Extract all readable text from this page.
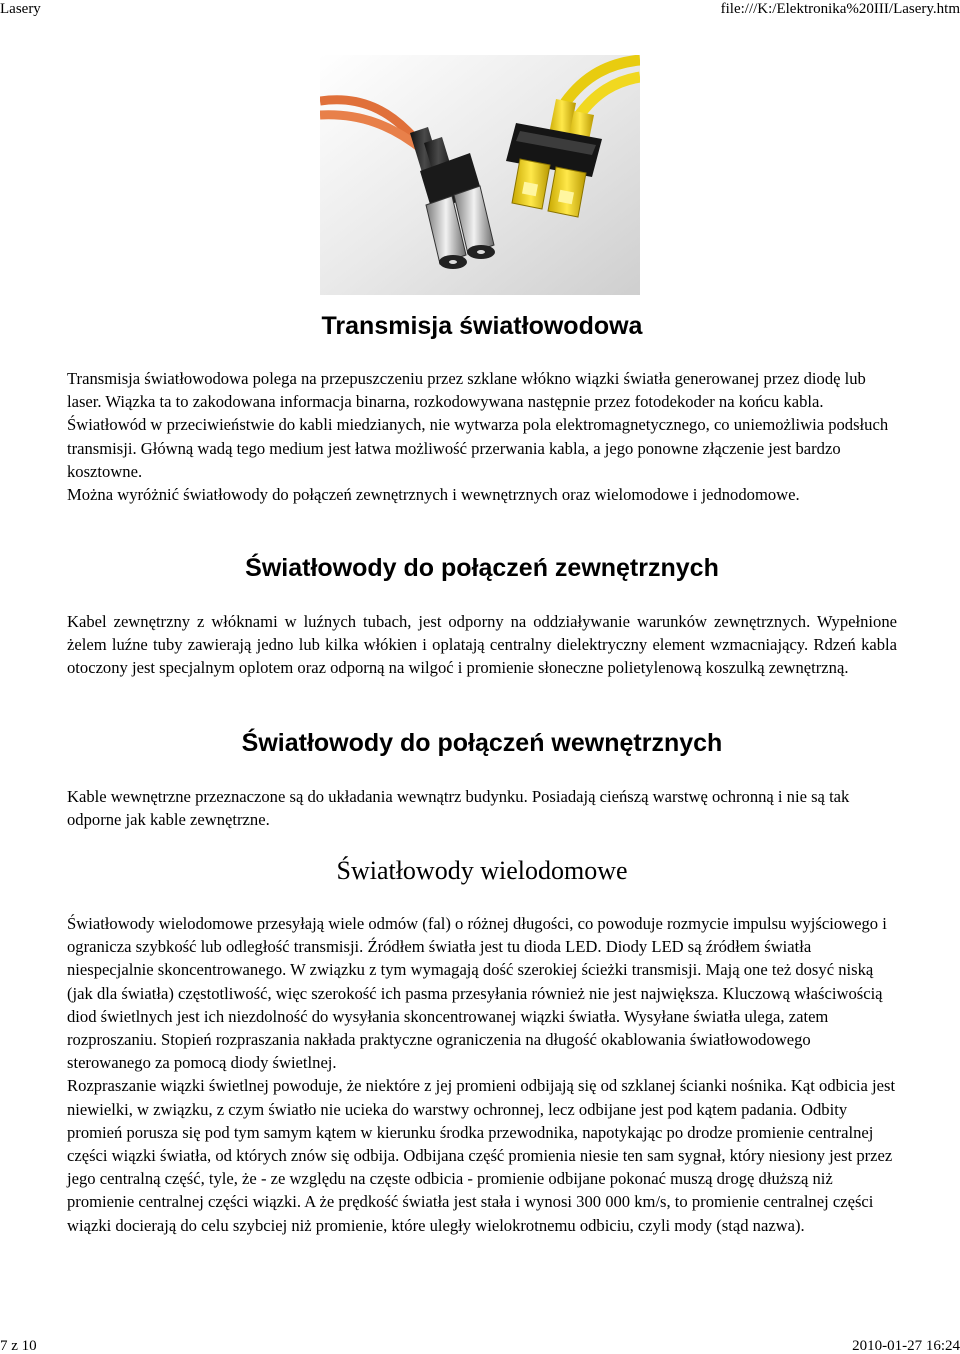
Lasery	file:///K:/Elektronika%20III/Lasery.htm
Transmisja światłowodowa

Transmisja światłowodowa polega na przepuszczeniu przez szklane włókno wiązki światła generowanej przez diodę lub laser. Wiązka ta to zakodowana informacja binarna, rozkodowywana następnie przez fotodekoder na końcu kabla. Światłowód w przeciwieństwie do kabli miedzianych, nie wytwarza pola elektromagnetycznego, co uniemożliwia podsłuch transmisji. Główną wadą tego medium jest łatwa możliwość przerwania kabla, a jego ponowne złączenie jest bardzo kosztowne.

Można wyróżnić światłowody do połączeń zewnętrznych i wewnętrznych oraz wielomodowe i jednodomowe.

Światłowody do połączeń zewnętrznych

Kabel zewnętrzny z włóknami w luźnych tubach, jest odporny na oddziaływanie warunków zewnętrznych. Wypełnione żelem luźne tuby zawierają jedno lub kilka włókien i oplatają centralny dielektryczny element wzmacniający. Rdzeń kabla otoczony jest specjalnym oplotem oraz odporną na wilgoć i promienie słoneczne polietylenową koszulką zewnętrzną.

Światłowody do połączeń wewnętrznych

Kable wewnętrzne przeznaczone są do układania wewnątrz budynku. Posiadają cieńszą warstwę ochronną i nie są tak odporne jak kable zewnętrzne.

Światłowody wielodomowe

Światłowody wielodomowe przesyłają wiele odmów (fal) o różnej długości, co powoduje rozmycie impulsu wyjściowego i ogranicza szybkość lub odległość transmisji. Źródłem światła jest tu dioda LED. Diody LED są źródłem światła niespecjalnie skoncentrowanego. W związku z tym wymagają dość szerokiej ścieżki transmisji. Mają one też dosyć niską (jak dla światła) częstotliwość, więc szerokość ich pasma przesyłania również nie jest największa. Kluczową właściwością diod świetlnych jest ich niezdolność do wysyłania skoncentrowanej wiązki światła. Wysyłane światła ulega, zatem rozproszaniu. Stopień rozpraszania nakłada praktyczne ograniczenia na długość okablowania światłowodowego sterowanego za pomocą diody świetlnej.

Rozpraszanie wiązki świetlnej powoduje, że niektóre z jej promieni odbijają się od szklanej ścianki nośnika. Kąt odbicia jest niewielki, w związku, z czym światło nie ucieka do warstwy ochronnej, lecz odbijane jest pod kątem padania. Odbity promień porusza się pod tym samym kątem w kierunku środka przewodnika, napotykając po drodze promienie centralnej części wiązki światła, od których znów się odbija. Odbijana część promienia niesie ten sam sygnał, który niesiony jest przez jego centralną część, tyle, że - ze względu na częste odbicia - promienie odbijane pokonać muszą drogę dłuższą niż promienie centralnej części wiązki. A że prędkość światła jest stała i wynosi 300 000 km/s, to promienie centralnej części wiązki docierają do celu szybciej niż promienie, które uległy wielokrotnemu odbiciu, czyli mody (stąd nazwa).

7 z 10	2010-01-27 16:24
